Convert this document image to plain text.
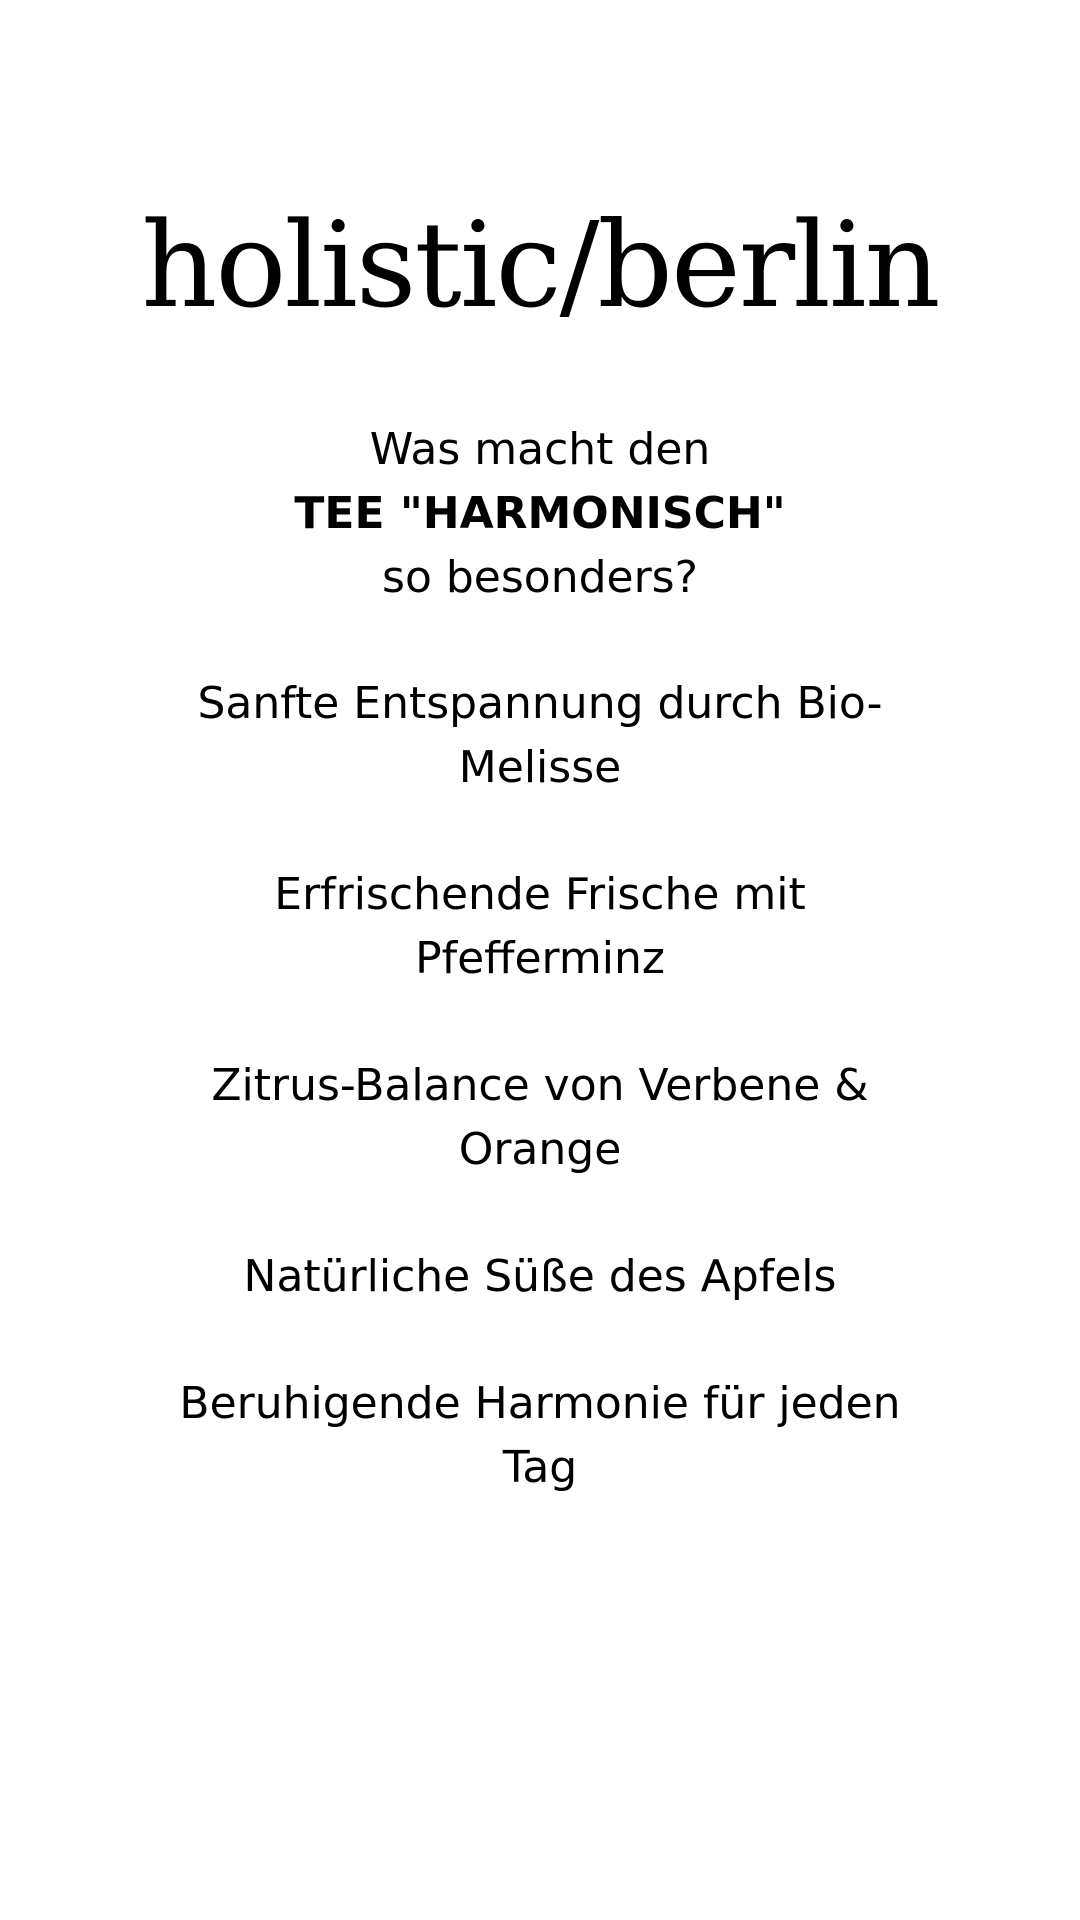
holistic/berlin
Was macht den
TEE "HARMONISCH"
so besonders?
Sanfte Entspannung durch Bio-Melisse
Erfrischende Frische mit Pfefferminz
Zitrus-Balance von Verbene & Orange
Natürliche Süße des Apfels
Beruhigende Harmonie für jeden Tag
